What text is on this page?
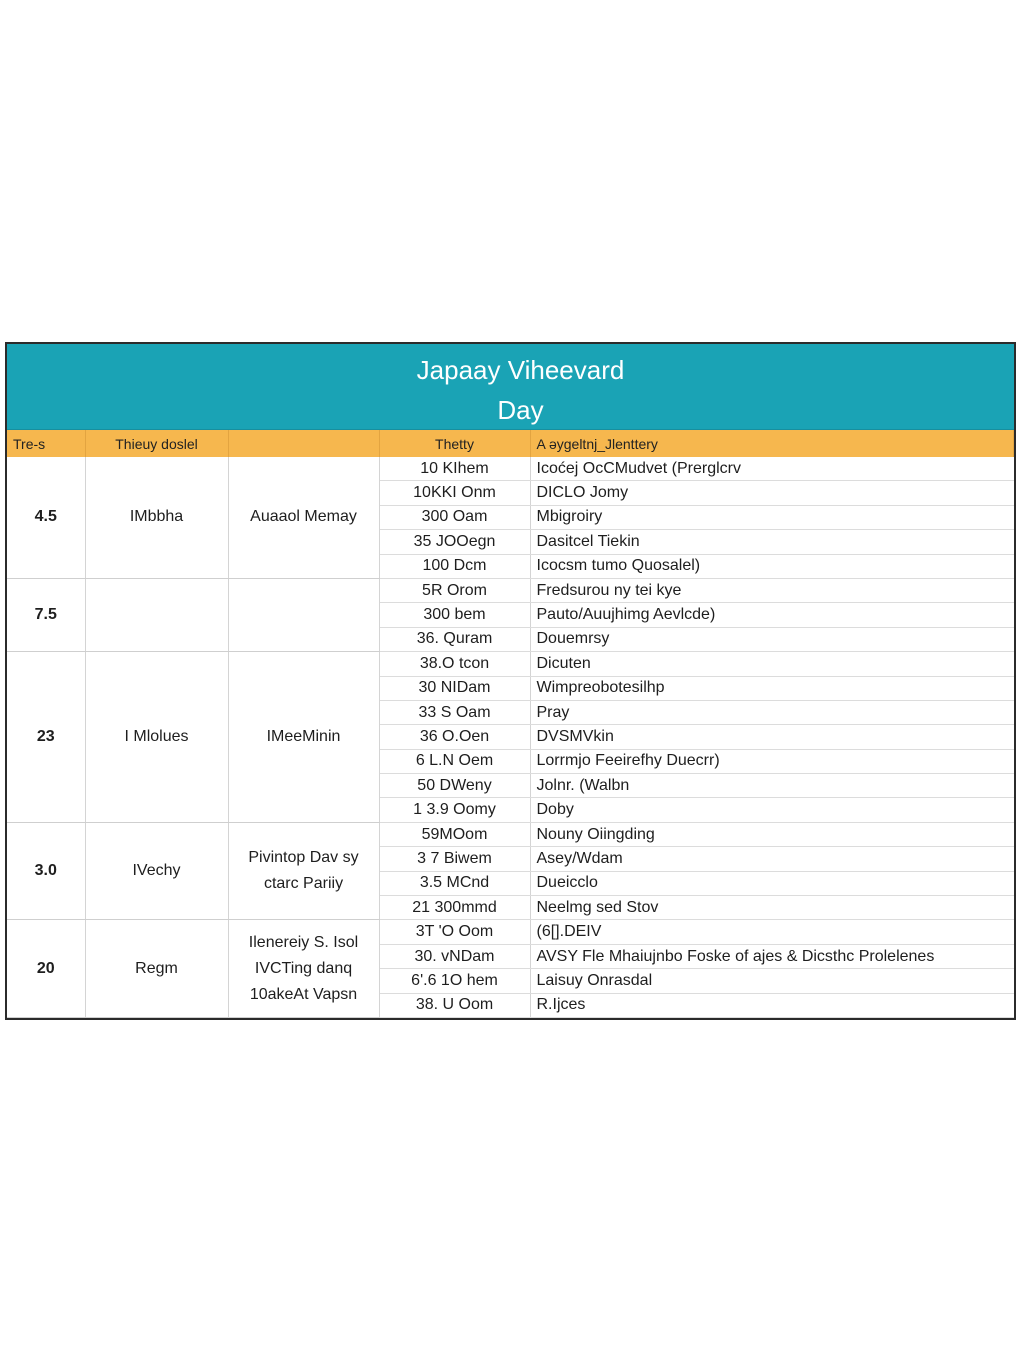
Japaay Viheevard
Day
Tre-s	Thieuy doslel		Thetty	A əygeltnj_Jlenttery
4.5	IMbbha	Auaaol Memay	10 KIhem	Icoćej OcCMudvet (Prerglcrv
			10KKI Onm	DICLO Jomy
			300 Oam	Mbigroiry
			35 JOOegn	Dasitcel Tiekin
			100 Dcm	Icocsm tumo Quosalel)
7.5			5R Orom	Fredsurou ny tei kye
			300 bem	Pauto/Auujhimg Aevlcde)
			36. Quram	Douemrsy
23	I Mlolues	IMeeMinin	38.O tcon	Dicuten
			30 NIDam	Wimpreobotesilhp
			33 S Oam	Pray
			36 O.Oen	DVSMVkin
			6 L.N Oem	Lorrmjo Feeirefhy Duecrr)
			50 DWeny	Jolnr. (Walbn
			1 3.9 Oomy	Doby
3.0	IVechy	Pivintop Dav sy ctarc Pariiy	59MOom	Nouny Oiingding
			3 7 Biwem	Asey/Wdam
			3.5 MCnd	Dueicclo
			21 300mmd	Neelmg sed Stov
20	Regm	Ilenereiy S. Isol IVCTing danq 10akeAt Vapsn	3T 'O Oom	(6[].DEIV
			30. vNDam	AVSY Fle Mhaiujnbo Foske of ajes & Dicsthc Prolelenes
			6'.6 1O hem	Laisuy Onrasdal
			38. U Oom	R.Ijces
